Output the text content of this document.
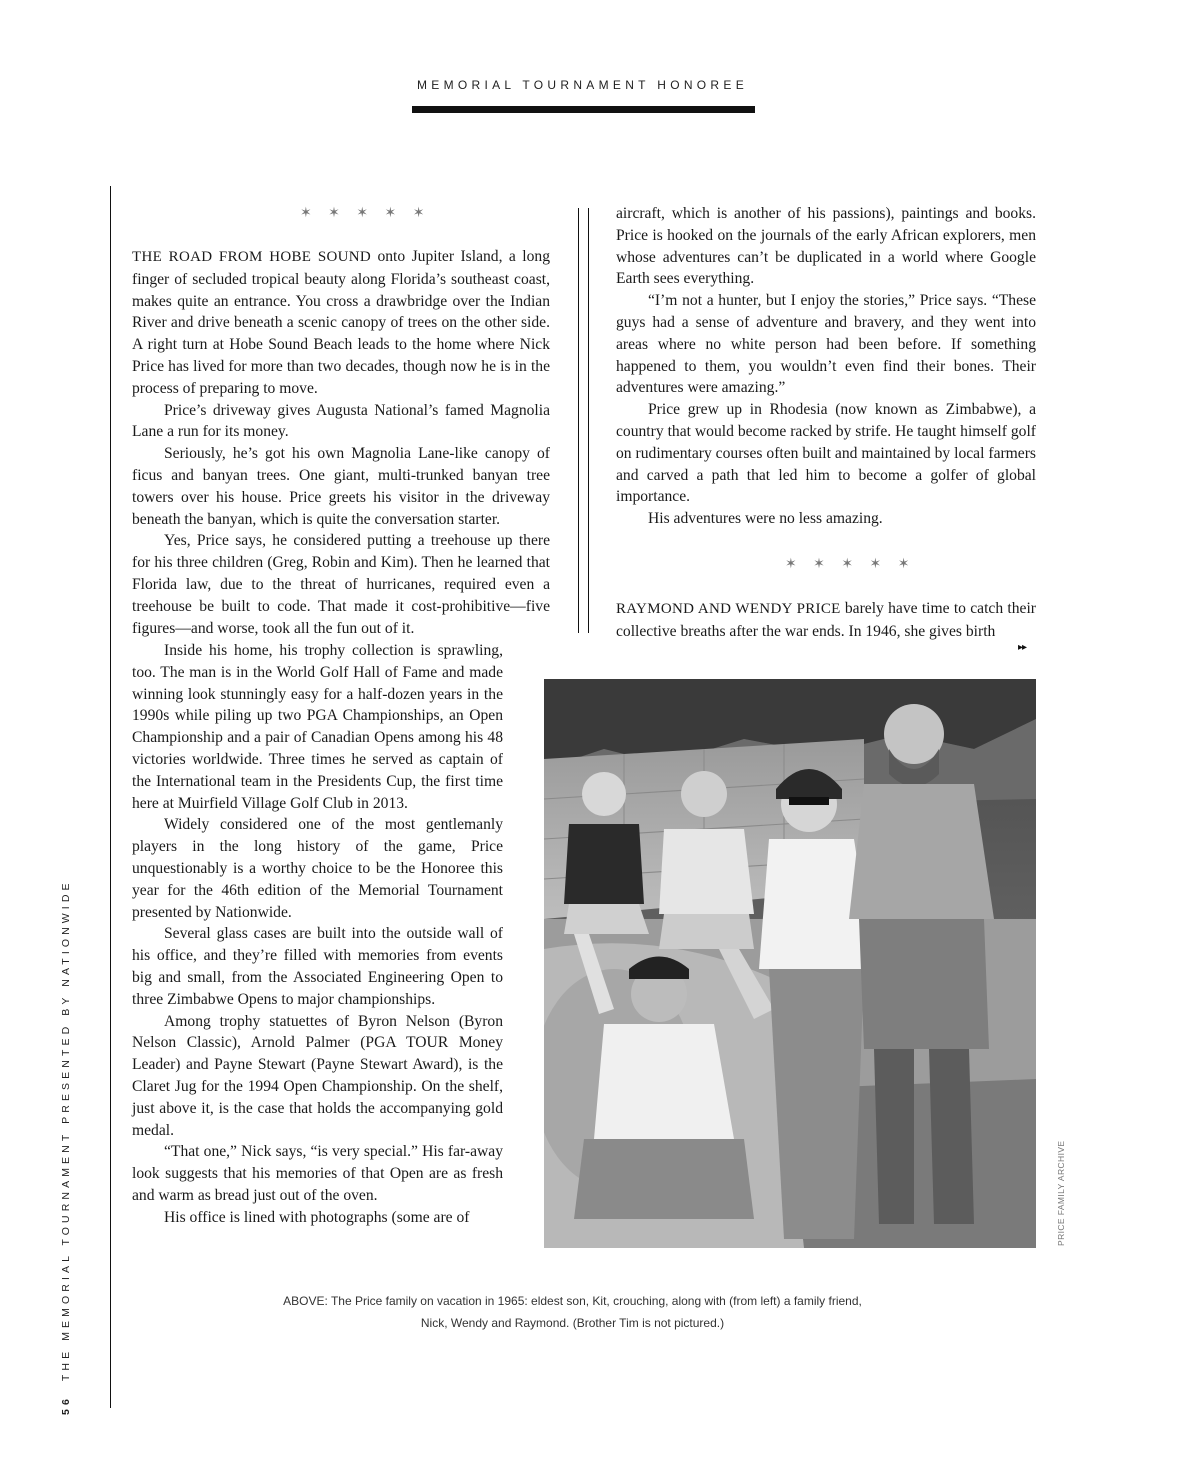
MEMORIAL TOURNAMENT HONOREE
56THE MEMORIAL TOURNAMENT PRESENTED BY NATIONWIDE
✶ ✶ ✶ ✶ ✶
✶ ✶ ✶ ✶ ✶

THE ROAD FROM HOBE SOUND onto Jupiter Island, a long finger of secluded tropical beauty along Florida’s southeast coast, makes quite an entrance. You cross a drawbridge over the Indian River and drive beneath a scenic canopy of trees on the other side. A right turn at Hobe Sound Beach leads to the home where Nick Price has lived for more than two decades, though now he is in the process of preparing to move.

Price’s driveway gives Augusta National’s famed Magnolia Lane a run for its money.

Seriously, he’s got his own Magnolia Lane-like canopy of ficus and banyan trees. One giant, multi-trunked banyan tree towers over his house. Price greets his visitor in the driveway beneath the banyan, which is quite the conversation starter.

Yes, Price says, he considered putting a treehouse up there for his three children (Greg, Robin and Kim). Then he learned that Florida law, due to the threat of hurricanes, required even a treehouse be built to code. That made it cost-prohibitive—five figures—and worse, took all the fun out of it.

Inside his home, his trophy collection is sprawling, too. The man is in the World Golf Hall of Fame and made winning look stunningly easy for a half-dozen years in the 1990s while piling up two PGA Championships, an Open Championship and a pair of Canadian Opens among his 48 victories worldwide. Three times he served as captain of the International team in the Presidents Cup, the first time here at Muirfield Village Golf Club in 2013.

Widely considered one of the most gentlemanly players in the long history of the game, Price unquestionably is a worthy choice to be the Honoree this year for the 46th edition of the Memorial Tournament presented by Nationwide.

Several glass cases are built into the outside wall of his office, and they’re filled with memories from events big and small, from the Associated Engineering Open to three Zimbabwe Opens to major championships.

Among trophy statuettes of Byron Nelson (Byron Nelson Classic), Arnold Palmer (PGA TOUR Money Leader) and Payne Stewart (Payne Stewart Award), is the Claret Jug for the 1994 Open Championship. On the shelf, just above it, is the case that holds the accompanying gold medal.

“That one,” Nick says, “is very special.” His far-away look suggests that his memories of that Open are as fresh and warm as bread just out of the oven.

His office is lined with photographs (some are of

aircraft, which is another of his passions), paintings and books. Price is hooked on the journals of the early African explorers, men whose adventures can’t be duplicated in a world where Google Earth sees everything.

“I’m not a hunter, but I enjoy the stories,” Price says. “These guys had a sense of adventure and bravery, and they went into areas where no white person had been before. If something happened to them, you wouldn’t even find their bones. Their adventures were amazing.”

Price grew up in Rhodesia (now known as Zimbabwe), a country that would become racked by strife. He taught himself golf on rudimentary courses often built and maintained by local farmers and carved a path that led him to become a golfer of global importance.

His adventures were no less amazing.

RAYMOND AND WENDY PRICE barely have time to catch their collective breaths after the war ends. In 1946, she gives birth

▸▸
PRICE FAMILY ARCHIVE
ABOVE: The Price family on vacation in 1965: eldest son, Kit, crouching, along with (from left) a family friend,
Nick, Wendy and Raymond. (Brother Tim is not pictured.)
